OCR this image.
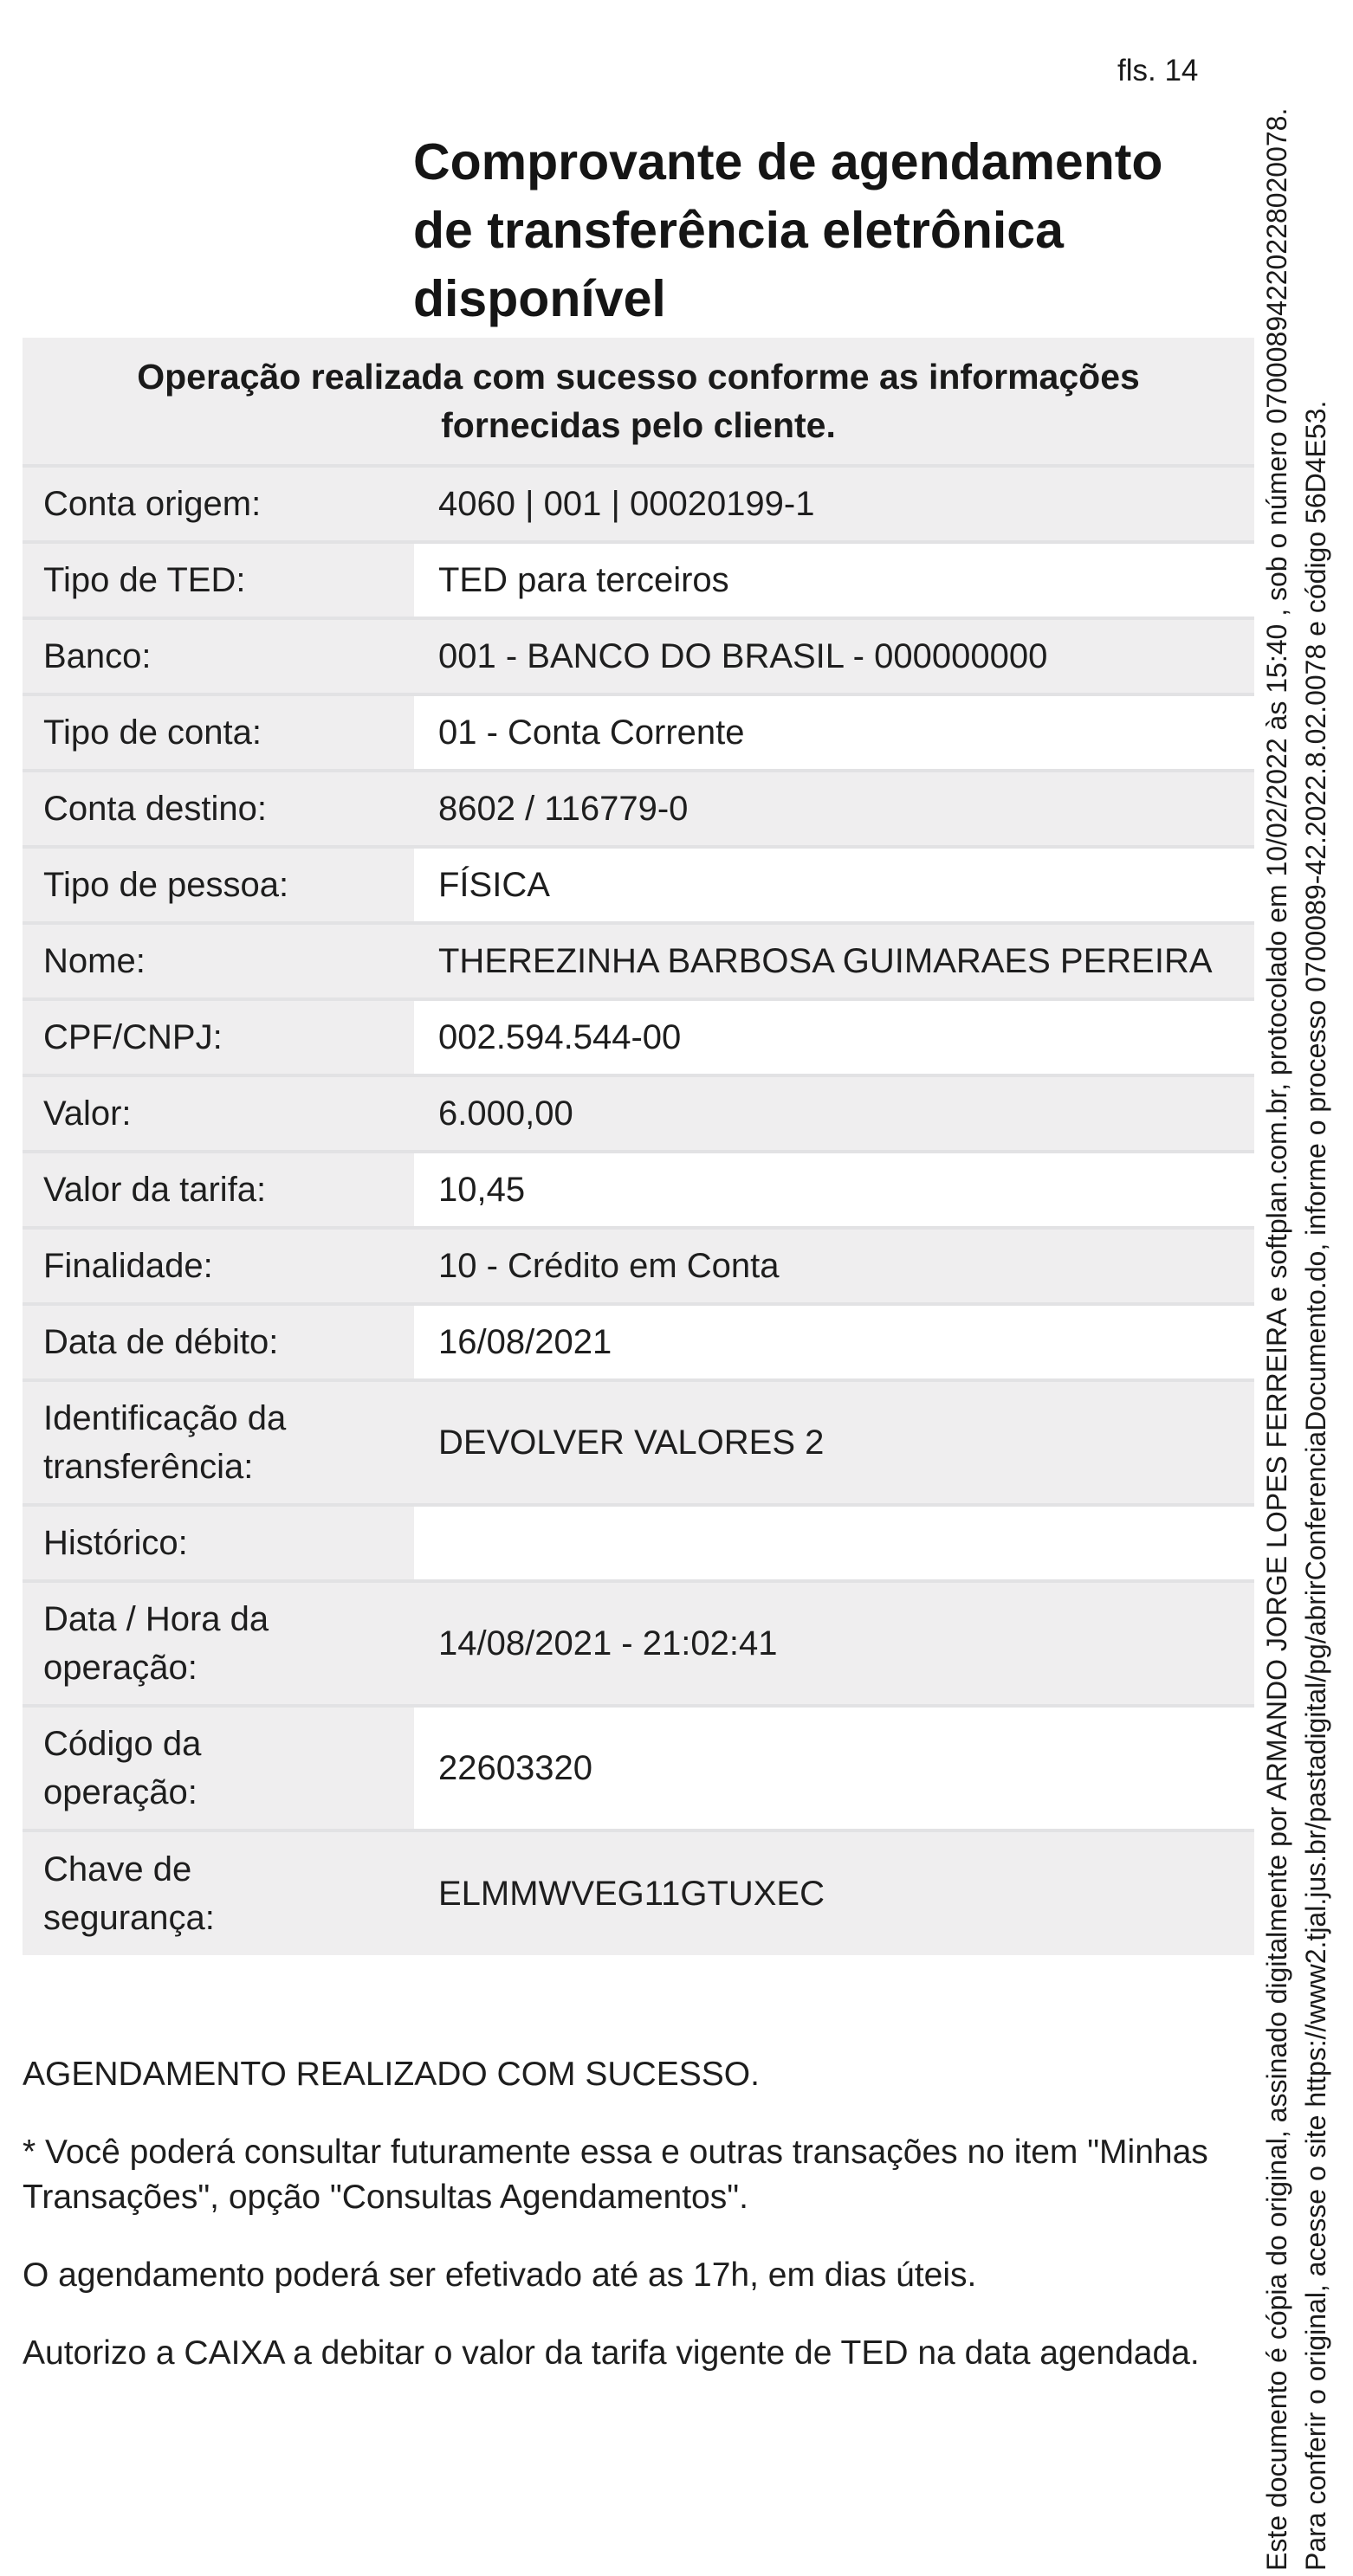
fls. 14
Comprovante de agendamento
de transferência eletrônica
disponível
Operação realizada com sucesso conforme as informações
fornecidas pelo cliente.
Conta origem:	4060 | 001 | 00020199-1
Tipo de TED:	TED para terceiros
Banco:	001 - BANCO DO BRASIL - 000000000
Tipo de conta:	01 - Conta Corrente
Conta destino:	8602 / 116779-0
Tipo de pessoa:	FÍSICA
Nome:	THEREZINHA BARBOSA GUIMARAES PEREIRA
CPF/CNPJ:	002.594.544-00
Valor:	6.000,00
Valor da tarifa:	10,45
Finalidade:	10 - Crédito em Conta
Data de débito:	16/08/2021
Identificação da
transferência:	DEVOLVER VALORES 2
Histórico:	
Data / Hora da
operação:	14/08/2021 - 21:02:41
Código da
operação:	22603320
Chave de
segurança:	ELMMWVEG11GTUXEC

AGENDAMENTO REALIZADO COM SUCESSO.

* Você poderá consultar futuramente essa e outras transações no item "Minhas
Transações", opção "Consultas Agendamentos".

O agendamento poderá ser efetivado até as 17h, em dias úteis.

Autorizo a CAIXA a debitar o valor da tarifa vigente de TED na data agendada.	Este documento é cópia do original, assinado digitalmente por ARMANDO JORGE LOPES FERREIRA e softplan.com.br, protocolado em 10/02/2022 às 15:40 , sob o número 07000894220228020078. Para conferir o original, acesse o site https://www2.tjal.jus.br/pastadigital/pg/abrirConferenciaDocumento.do, informe o processo 0700089-42.2022.8.02.0078 e código 56D4E53.
